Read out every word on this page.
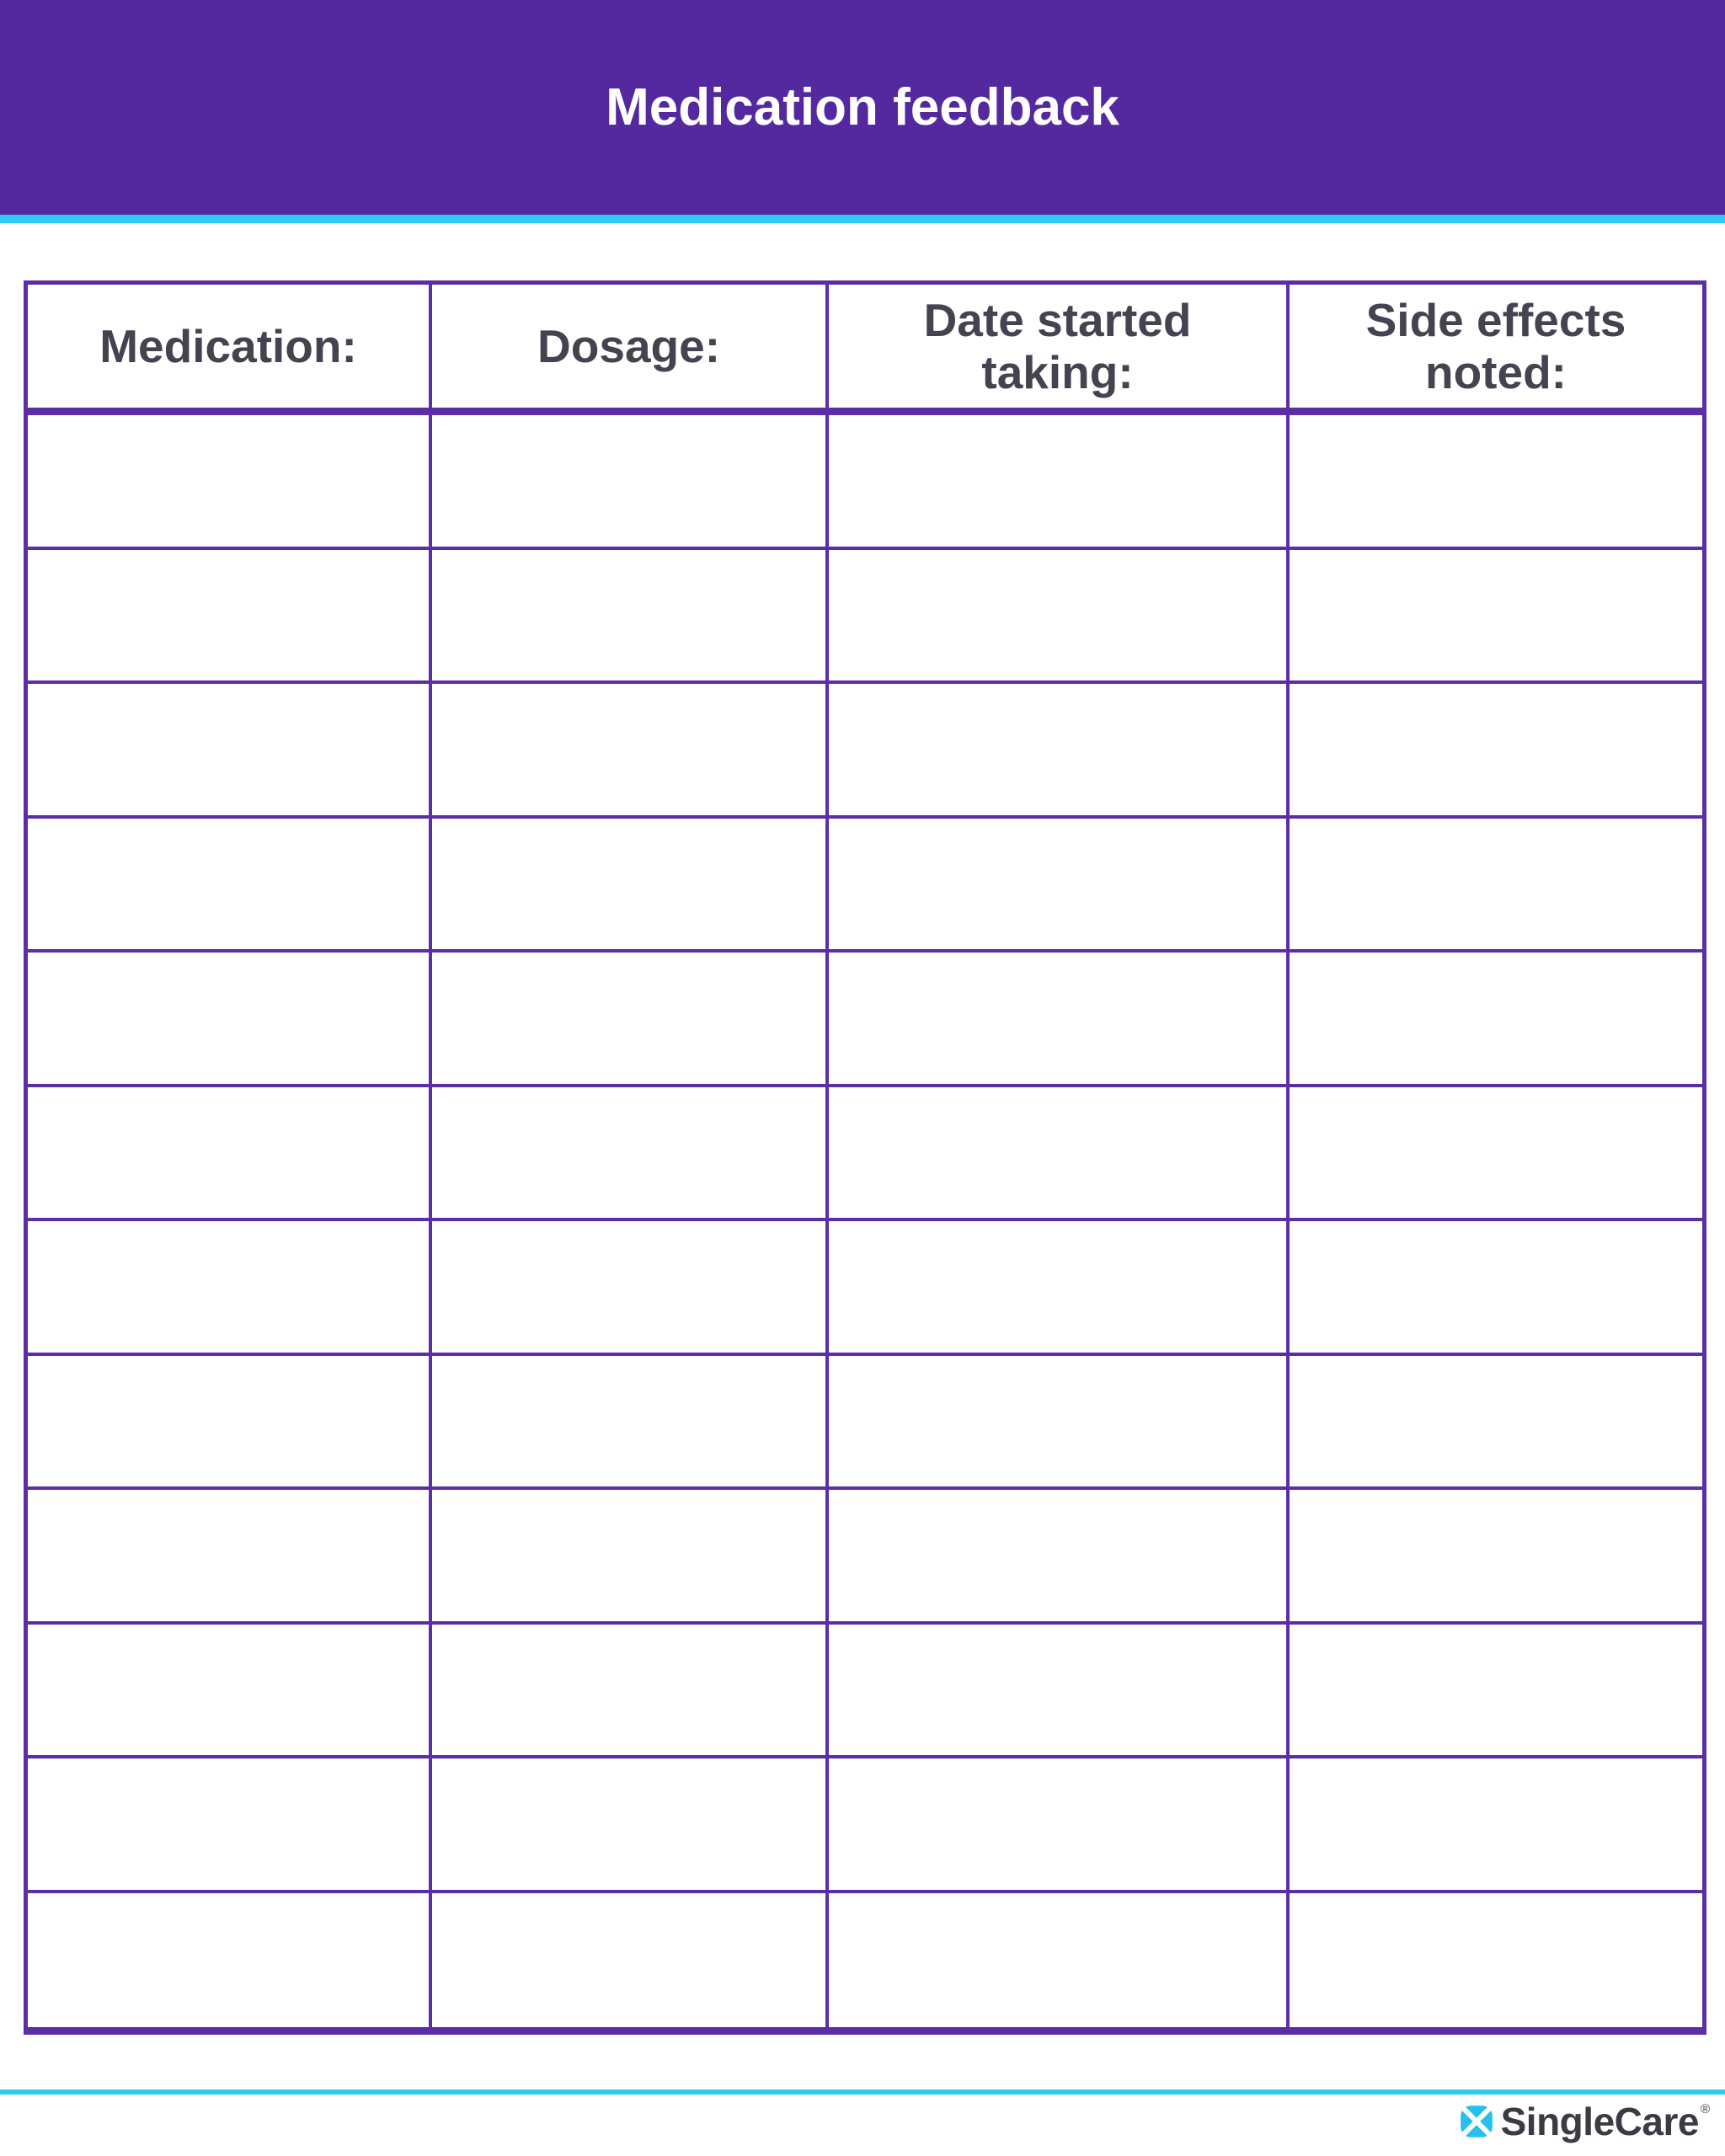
Medication feedback
Medication:	Dosage:
Date started taking:
Side effects noted:
SingleCare ®
